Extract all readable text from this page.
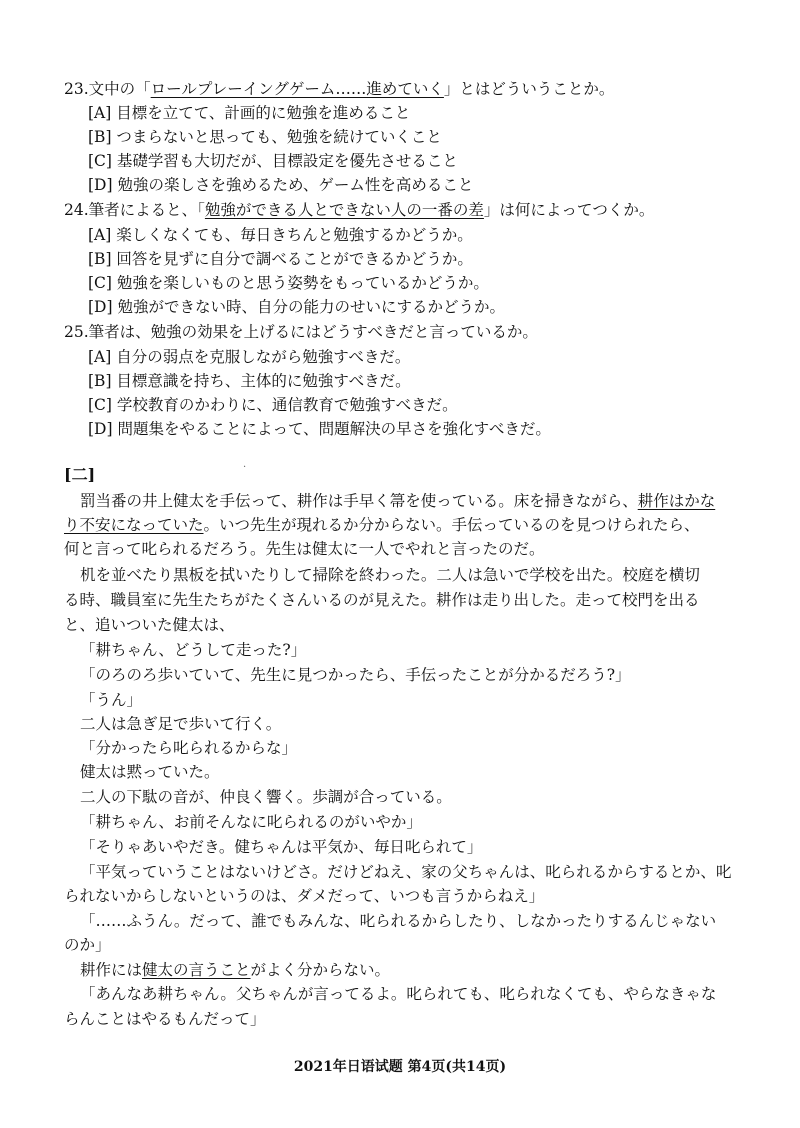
23.文中の「ロールプレーイングゲーム……進めていく」とはどういうことか。
[A] 目標を立てて、計画的に勉強を進めること
[B] つまらないと思っても、勉強を続けていくこと
[C] 基礎学習も大切だが、目標設定を優先させること
[D] 勉強の楽しさを強めるため、ゲーム性を高めること
24.筆者によると、「勉強ができる人とできない人の一番の差」は何によってつくか。
[A] 楽しくなくても、毎日きちんと勉強するかどうか。
[B] 回答を見ずに自分で調べることができるかどうか。
[C] 勉強を楽しいものと思う姿勢をもっているかどうか。
[D] 勉強ができない時、自分の能力のせいにするかどうか。
25.筆者は、勉強の効果を上げるにはどうすべきだと言っているか。
[A] 自分の弱点を克服しながら勉強すべきだ。
[B] 目標意識を持ち、主体的に勉強すべきだ。
[C] 学校教育のかわりに、通信教育で勉強すべきだ。
[D] 問題集をやることによって、問題解決の早さを強化すべきだ。
·
[二]
罰当番の井上健太を手伝って、耕作は手早く箒を使っている。床を掃きながら、耕作はかな
り不安になっていた。いつ先生が現れるか分からない。手伝っているのを見つけられたら、
何と言って叱られるだろう。先生は健太に一人でやれと言ったのだ。
机を並べたり黒板を拭いたりして掃除を終わった。二人は急いで学校を出た。校庭を横切
る時、職員室に先生たちがたくさんいるのが見えた。耕作は走り出した。走って校門を出る
と、追いついた健太は、
「耕ちゃん、どうして走った?」
「のろのろ歩いていて、先生に見つかったら、手伝ったことが分かるだろう?」
「うん」
二人は急ぎ足で歩いて行く。
「分かったら叱られるからな」
健太は黙っていた。
二人の下駄の音が、仲良く響く。歩調が合っている。
「耕ちゃん、お前そんなに叱られるのがいやか」
「そりゃあいやだき。健ちゃんは平気か、毎日叱られて」
「平気っていうことはないけどさ。だけどねえ、家の父ちゃんは、叱られるからするとか、叱
られないからしないというのは、ダメだって、いつも言うからねえ」
「……ふうん。だって、誰でもみんな、叱られるからしたり、しなかったりするんじゃない
のか」
耕作には健太の言うことがよく分からない。
「あんなあ耕ちゃん。父ちゃんが言ってるよ。叱られても、叱られなくても、やらなきゃな
らんことはやるもんだって」
2021年日语试题 第4页(共14页)
